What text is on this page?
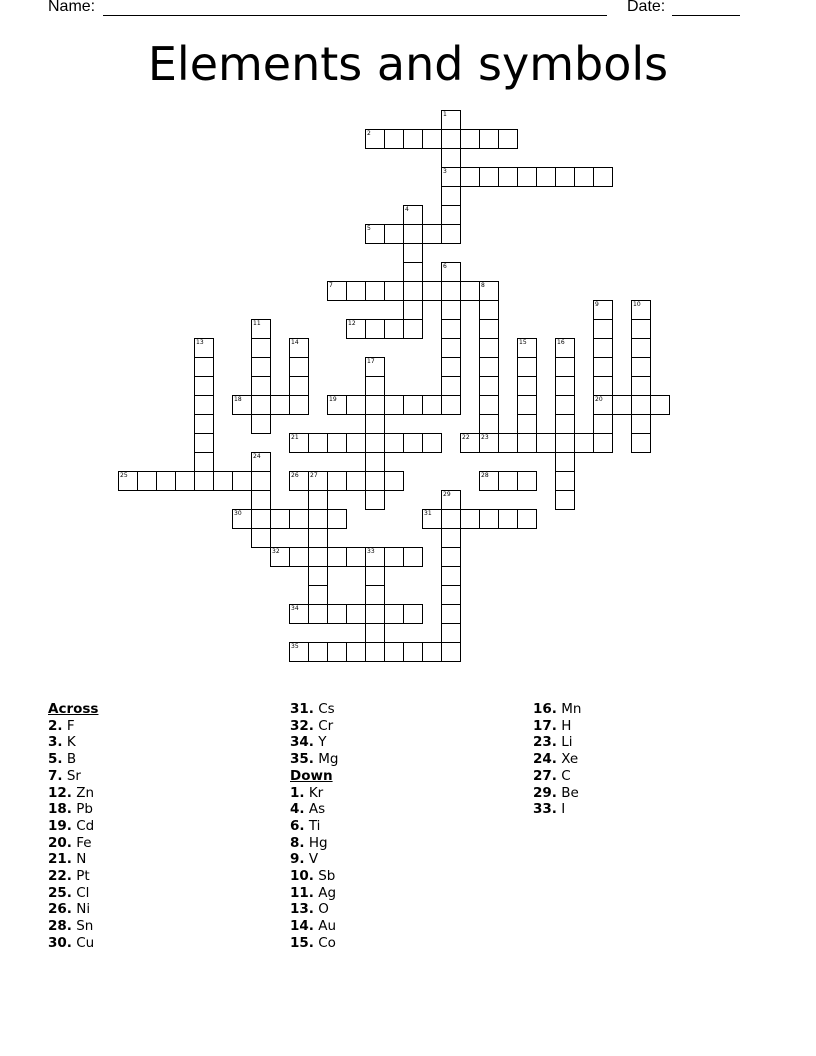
Name:	Date:
Elements and symbols
1
2
3
4
5
6
7	8
9	10
11	12
13	14	15	16
17
18	19	20
21	22 23
24
25	26 27	28
29
30	31
32	33
34
35
Across
2. F
3. K
5. B
7. Sr
12. Zn
18. Pb
19. Cd
20. Fe
21. N
22. Pt
25. Cl
26. Ni
28. Sn
30. Cu
31. Cs
32. Cr
34. Y
35. Mg
Down
1. Kr
4. As
6. Ti
8. Hg
9. V
10. Sb
11. Ag
13. O
14. Au
15. Co
16. Mn
17. H
23. Li
24. Xe
27. C
29. Be
33. I
